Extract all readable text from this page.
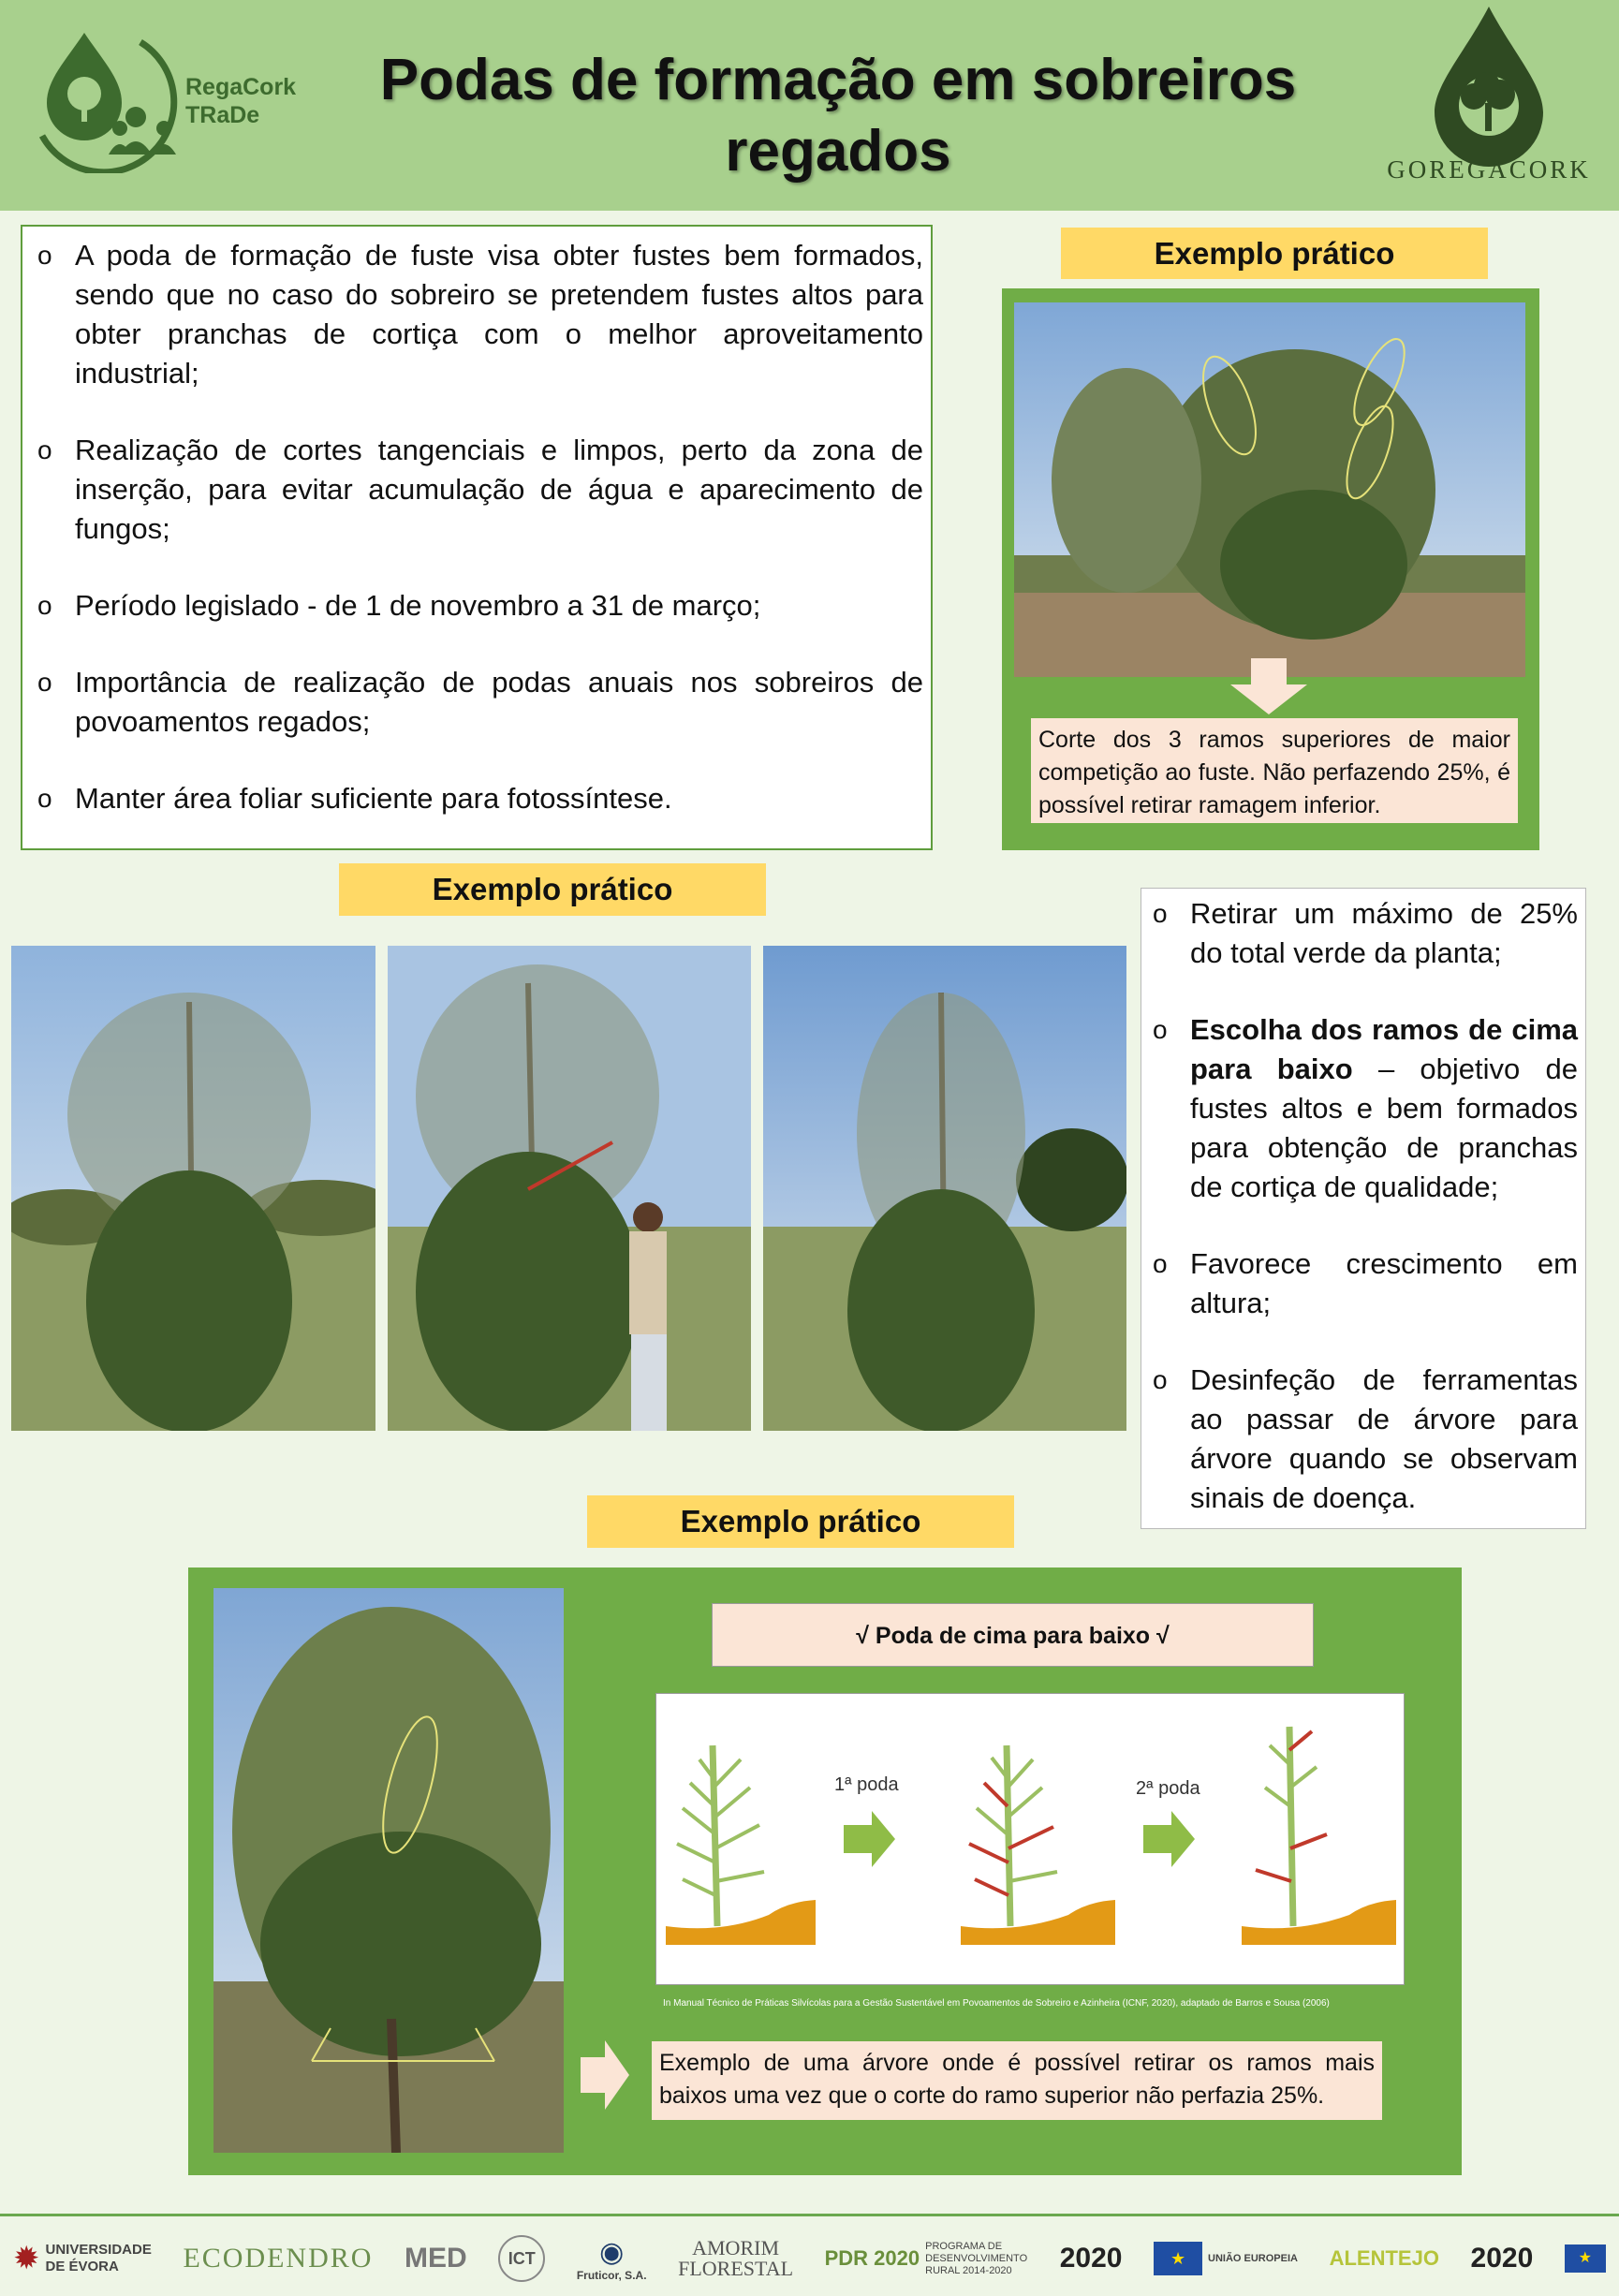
RegaCork
TRaDe
Podas de formação em sobreiros regados	GOREGACORK
o A poda de formação de fuste visa obter fustes bem formados, sendo que no caso do sobreiro se pretendem fustes altos para obter pranchas de cortiça com o melhor aproveitamento industrial;
o Realização de cortes tangenciais e limpos, perto da zona de inserção, para evitar acumulação de água e aparecimento de fungos;
o Período legislado - de 1 de novembro a 31 de março;
o Importância de realização de podas anuais nos sobreiros de povoamentos regados;
o Manter área foliar suficiente para fotossíntese.
Exemplo prático
Corte dos 3 ramos superiores de maior competição ao fuste. Não perfazendo 25%, é possível retirar ramagem inferior.
Exemplo prático
o Retirar um máximo de 25% do total verde da planta;
o Escolha dos ramos de cima para baixo – objetivo de fustes altos e bem formados para obtenção de pranchas de cortiça de qualidade;
o Favorece crescimento em altura;
o Desinfeção de ferramentas ao passar de árvore para árvore quando se observam sinais de doença.
Exemplo prático
√ Poda de cima para baixo √
1ª poda	2ª poda
In Manual Técnico de Práticas Silvícolas para a Gestão Sustentável em Povoamentos de Sobreiro e Azinheira (ICNF, 2020), adaptado de Barros e Sousa (2006)
Exemplo de uma árvore onde é possível retirar os ramos mais baixos uma vez que o corte do ramo superior não perfazia 25%.
✹ UNIVERSIDADE
DE ÉVORA	ECODENDRO MED	ICT	◉
Fruticor, S.A.
AMORIM
FLORESTAL PDR 2020
PROGRAMA DE DESENVOLVIMENTO RURAL 2014-2020	2020	★	UNIÃO EUROPEIA ALENTEJO 2020	★
